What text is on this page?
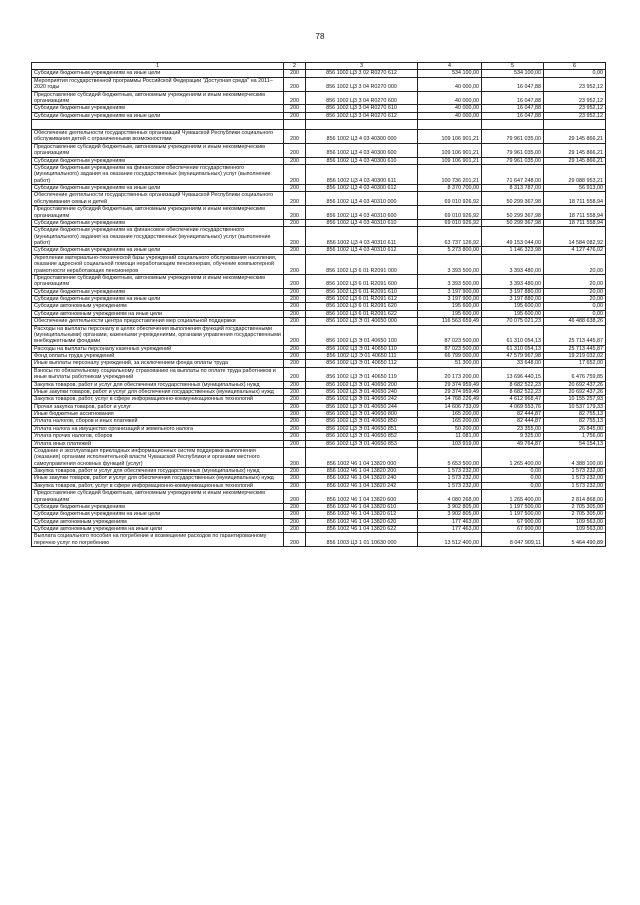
78
1	2	3	4	5	6
Субсидии бюджетным учреждениям на иные цели	200	856 1002 Ц3 3 02 R0270 612	534 100,00	534 100,00	0,00
Мероприятия государственной программы Российской Федерации "Доступная среда" на 2011–2020 годы	200	856 1002 Ц3 3 04 R0270 000	40 000,00	16 047,88	23 952,12
Предоставление субсидий бюджетным, автономным учреждениям и иным некоммерческим организациям	200	856 1002 Ц3 3 04 R0270 600	40 000,00	16 047,88	23 952,12
Субсидии бюджетным учреждениям	200	856 1002 Ц3 3 04 R0270 610	40 000,00	16 047,88	23 952,12
Субсидии бюджетным учреждениям на иные цели	200	856 1002 Ц3 3 04 R0270 612	40 000,00	16 047,88	23 952,12

Обеспечение деятельности государственных организаций Чувашской Республики социального обслуживания детей с ограниченными возможностями	200	856 1002 Ц3 4 03 40300 000	109 106 901,21	79 961 035,00	29 145 866,21
Предоставление субсидий бюджетным, автономным учреждениям и иным некоммерческим организациям	200	856 1002 Ц3 4 03 40300 600	109 106 901,21	79 961 035,00	29 145 866,21
Субсидии бюджетным учреждениям	200	856 1002 Ц3 4 03 40300 610	109 106 901,21	79 961 035,00	29 145 866,21
Субсидии бюджетным учреждениям на финансовое обеспечение государственного (муниципального) задания на оказание государственных (муниципальных) услуг (выполнение работ)	200	856 1002 Ц3 4 03 40300 611	100 736 201,21	71 647 248,00	29 088 953,21
Субсидии бюджетным учреждениям на иные цели	200	856 1002 Ц3 4 03 40300 612	8 370 700,00	8 313 787,00	56 913,00
Обеспечение деятельности государственных организаций Чувашской Республики социального обслуживания семьи и детей	200	856 1002 Ц3 4 03 40310 000	69 010 926,92	50 299 367,98	18 711 558,94
Предоставление субсидий бюджетным, автономным учреждениям и иным некоммерческим организациям	200	856 1002 Ц3 4 03 40310 600	69 010 926,92	50 299 367,98	18 711 558,94
Субсидии бюджетным учреждениям	200	856 1002 Ц3 4 03 40310 610	69 010 926,92	50 299 367,98	18 711 558,94
Субсидии бюджетным учреждениям на финансовое обеспечение государственного (муниципального) задания на оказание государственных (муниципальных) услуг (выполнение работ)	200	856 1002 Ц3 4 03 40310 611	63 737 126,92	49 153 044,00	14 584 082,92
Субсидии бюджетным учреждениям на иные цели	200	856 1002 Ц3 4 03 40310 612	5 273 800,00	1 146 323,98	4 127 476,02
Укрепление материально-технической базы учреждений социального обслуживания населения, оказание адресной социальной помощи неработающим пенсионерам, обучение компьютерной грамотности неработающих пенсионеров	200	856 1002 Ц3 6 01 R2091 000	3 393 500,00	3 393 480,00	20,00
Предоставление субсидий бюджетным, автономным учреждениям и иным некоммерческим организациям	200	856 1002 Ц3 6 01 R2091 600	3 393 500,00	3 393 480,00	20,00
Субсидии бюджетным учреждениям	200	856 1002 Ц3 6 01 R2091 610	3 197 900,00	3 197 880,00	20,00
Субсидии бюджетным учреждениям на иные цели	200	856 1002 Ц3 6 01 R2091 612	3 197 900,00	3 197 880,00	20,00
Субсидии автономным учреждениям	200	856 1002 Ц3 6 01 R2091 620	195 600,00	195 600,00	0,00
Субсидии автономным учреждениям на иные цели	200	856 1002 Ц3 6 01 R2091 622	195 600,00	195 600,00	0,00
Обеспечение деятельности центра предоставления мер социальной поддержки	200	856 1002 Ц3 Э 01 40650 000	116 563 659,49	70 075 021,23	46 488 638,26
Расходы на выплаты персоналу в целях обеспечения выполнения функций государственными (муниципальными) органами, казенными учреждениями, органами управления государственными внебюджетными фондами	200	856 1002 Ц3 Э 01 40650 100	87 023 500,00	61 310 054,13	25 713 445,87
Расходы на выплаты персоналу казенных учреждений	200	856 1002 Ц3 Э 01 40650 110	87 023 500,00	61 310 054,13	25 713 445,87
Фонд оплаты труда учреждений	200	856 1002 Ц3 Э 01 40650 111	66 799 000,00	47 579 967,98	19 219 032,02
Иные выплаты персоналу учреждений, за исключением фонда оплаты труда	200	856 1002 Ц3 Э 01 40650 112	51 300,00	33 648,00	17 652,00
Взносы по обязательному социальному страхованию на выплаты по оплате труда работников и иные выплаты работникам учреждений	200	856 1002 Ц3 Э 01 40650 119	20 173 200,00	13 696 440,15	6 476 759,85
Закупка товаров, работ и услуг для обеспечения государственных (муниципальных) нужд	200	856 1002 Ц3 Э 01 40650 200	29 374 959,49	8 682 522,23	20 692 437,26
Иные закупки товаров, работ и услуг для обеспечения государственных (муниципальных) нужд	200	856 1002 Ц3 Э 01 40650 240	29 374 959,49	8 682 522,23	20 692 437,26
Закупка товаров, работ, услуг в сфере информационно-коммуникационных технологий	200	856 1002 Ц3 Э 01 40650 242	14 768 226,49	4 612 968,47	10 155 257,93
Прочая закупка товаров, работ и услуг	200	856 1002 Ц3 Э 01 40650 244	14 606 733,09	4 069 553,76	10 537 179,33
Иные бюджетные ассигнования	200	856 1002 Ц3 Э 01 40650 800	165 200,00	82 444,87	82 755,13
Уплата налогов, сборов и иных платежей	200	856 1002 Ц3 Э 01 40650 850	165 200,00	82 444,87	82 755,13
Уплата налога на имущество организаций и земельного налога	200	856 1002 Ц3 Э 01 40650 851	50 200,00	23 355,00	26 845,00
Уплата прочих налогов, сборов	200	856 1002 Ц3 Э 01 40650 852	11 081,00	9 325,00	1 756,00
Уплата иных платежей	200	856 1002 Ц3 Э 01 40650 853	103 919,00	49 764,87	54 154,13
Создание и эксплуатация прикладных информационных систем поддержки выполнения (оказания) органами исполнительной власти Чувашской Республики и органами местного самоуправления основных функций (услуг)	200	856 1002 Ч6 1 04 13820 000	5 653 500,00	1 265 400,00	4 388 100,00
Закупка товаров, работ и услуг для обеспечения государственных (муниципальных) нужд	200	856 1002 Ч6 1 04 13820 200	1 573 232,00	0,00	1 573 232,00
Иные закупки товаров, работ и услуг для обеспечения государственных (муниципальных) нужд	200	856 1002 Ч6 1 04 13820 240	1 573 232,00	0,00	1 573 232,00
Закупка товаров, работ, услуг в сфере информационно-коммуникационных технологий	200	856 1002 Ч6 1 04 13820 242	1 573 232,00	0,00	1 573 232,00
Предоставление субсидий бюджетным, автономным учреждениям и иным некоммерческим организациям	200	856 1002 Ч6 1 04 13820 600	4 080 268,00	1 265 400,00	2 814 868,00
Субсидии бюджетным учреждениям	200	856 1002 Ч6 1 04 13820 610	3 902 805,00	1 197 500,00	2 705 305,00
Субсидии бюджетным учреждениям на иные цели	200	856 1002 Ч6 1 04 13820 612	3 902 805,00	1 197 500,00	2 705 305,00
Субсидии автономным учреждениям	200	856 1002 Ч6 1 04 13820 620	177 463,00	67 900,00	109 563,00
Субсидии автономным учреждениям на иные цели	200	856 1002 Ч6 1 04 13820 622	177 463,00	67 900,00	109 563,00
Выплата социального пособия на погребение и возмещение расходов по гарантированному перечню услуг по погребению	200	856 1003 Ц3 1 01 10630 000	13 512 400,00	8 047 909,11	5 464 490,89
